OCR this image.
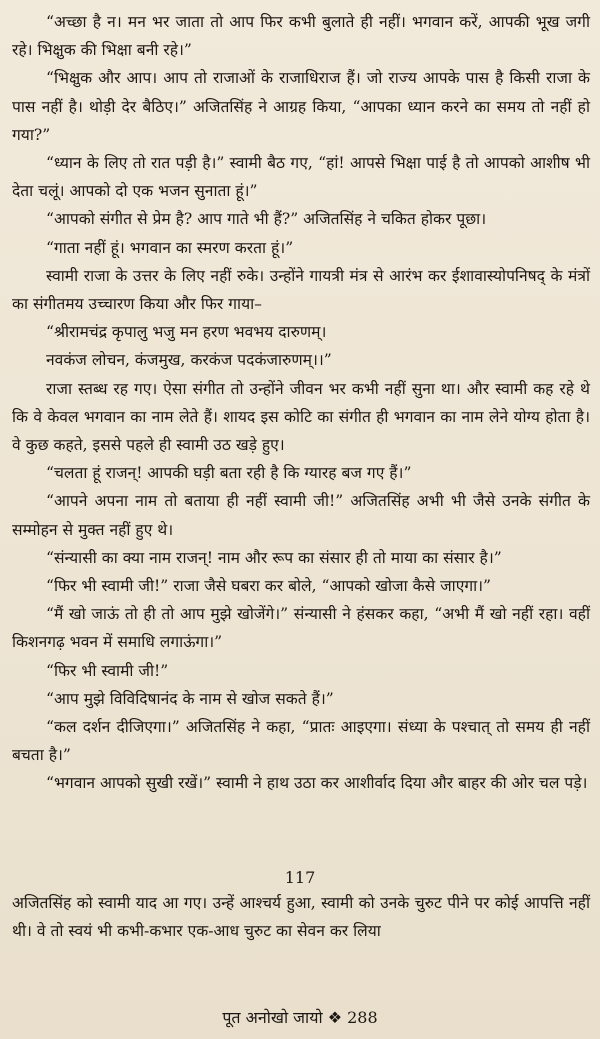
“अच्छा है न। मन भर जाता तो आप फिर कभी बुलाते ही नहीं। भगवान करें, आपकी भूख जगी रहे। भिक्षुक की भिक्षा बनी रहे।”

“भिक्षुक और आप। आप तो राजाओं के राजाधिराज हैं। जो राज्य आपके पास है किसी राजा के पास नहीं है। थोड़ी देर बैठिए।” अजितसिंह ने आग्रह किया, “आपका ध्यान करने का समय तो नहीं हो गया?”

“ध्यान के लिए तो रात पड़ी है।” स्वामी बैठ गए, “हां! आपसे भिक्षा पाई है तो आपको आशीष भी देता चलूं। आपको दो एक भजन सुनाता हूं।”

“आपको संगीत से प्रेम है? आप गाते भी हैं?” अजितसिंह ने चकित होकर पूछा।

“गाता नहीं हूं। भगवान का स्मरण करता हूं।”

स्वामी राजा के उत्तर के लिए नहीं रुके। उन्होंने गायत्री मंत्र से आरंभ कर ईशावास्योपनिषद् के मंत्रों का संगीतमय उच्चारण किया और फिर गाया–

“श्रीरामचंद्र कृपालु भजु मन हरण भवभय दारुणम्।

नवकंज लोचन, कंजमुख, करकंज पदकंजारुणम्।।”

राजा स्तब्ध रह गए। ऐसा संगीत तो उन्होंने जीवन भर कभी नहीं सुना था। और स्वामी कह रहे थे कि वे केवल भगवान का नाम लेते हैं। शायद इस कोटि का संगीत ही भगवान का नाम लेने योग्य होता है। वे कुछ कहते, इससे पहले ही स्वामी उठ खड़े हुए।

“चलता हूं राजन्! आपकी घड़ी बता रही है कि ग्यारह बज गए हैं।”

“आपने अपना नाम तो बताया ही नहीं स्वामी जी!” अजितसिंह अभी भी जैसे उनके संगीत के सम्मोहन से मुक्त नहीं हुए थे।

“संन्यासी का क्या नाम राजन्! नाम और रूप का संसार ही तो माया का संसार है।”

“फिर भी स्वामी जी!” राजा जैसे घबरा कर बोले, “आपको खोजा कैसे जाएगा।”

“मैं खो जाऊं तो ही तो आप मुझे खोजेंगे।” संन्यासी ने हंसकर कहा, “अभी मैं खो नहीं रहा। वहीं किशनगढ़ भवन में समाधि लगाऊंगा।”

“फिर भी स्वामी जी!”

“आप मुझे विविदिषानंद के नाम से खोज सकते हैं।”

“कल दर्शन दीजिएगा।” अजितसिंह ने कहा, “प्रातः आइएगा। संध्या के पश्चात् तो समय ही नहीं बचता है।”

“भगवान आपको सुखी रखें।” स्वामी ने हाथ उठा कर आशीर्वाद दिया और बाहर की ओर चल पड़े।

117

अजितसिंह को स्वामी याद आ गए। उन्हें आश्चर्य हुआ, स्वामी को उनके चुरुट पीने पर कोई आपत्ति नहीं थी। वे तो स्वयं भी कभी-कभार एक-आध चुरुट का सेवन कर लिया

पूत अनोखो जायो ❖ 288
